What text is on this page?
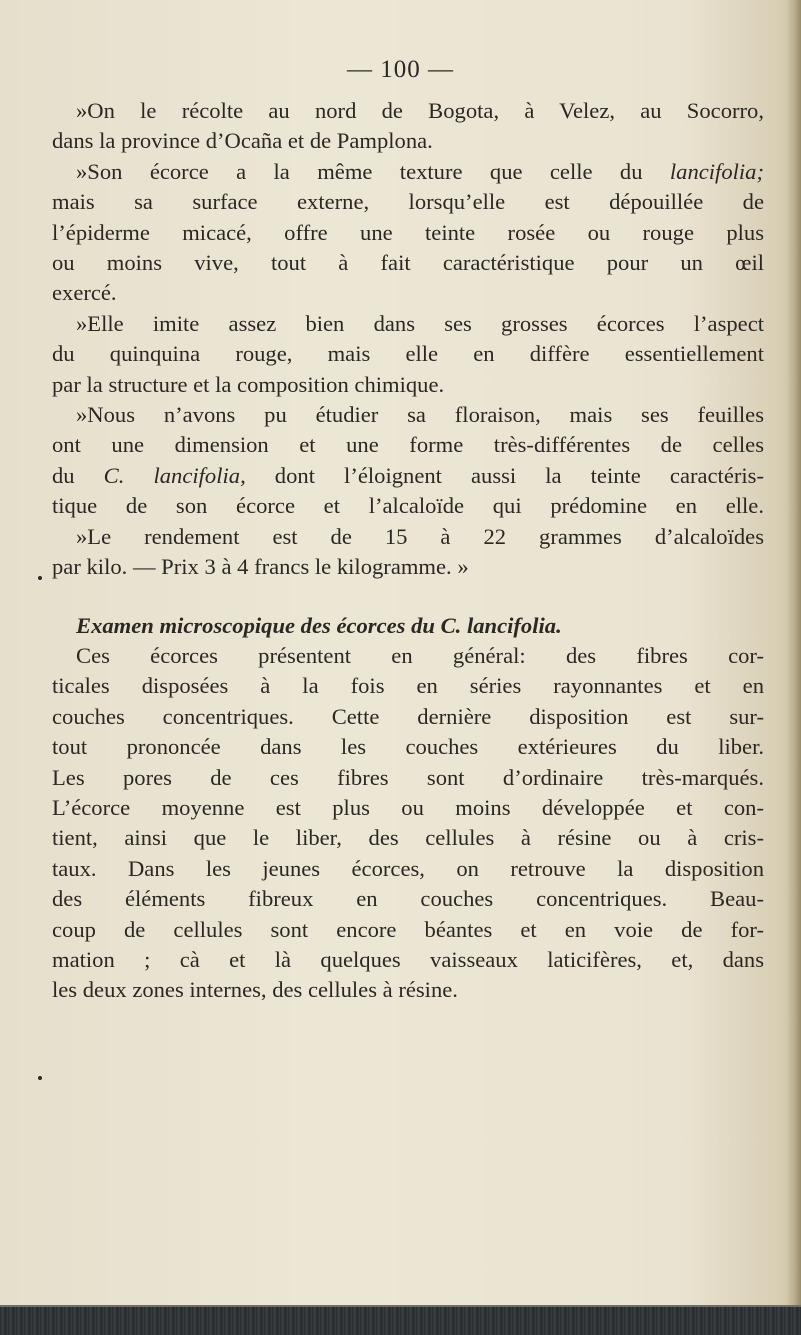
— 100 —
»On le récolte au nord de Bogota, à Velez, au Socorro,
dans la province d’Ocaña et de Pamplona.
»Son écorce a la même texture que celle du lancifolia;
mais sa surface externe, lorsqu’elle est dépouillée de
l’épiderme micacé, offre une teinte rosée ou rouge plus
ou moins vive, tout à fait caractéristique pour un œil
exercé.
»Elle imite assez bien dans ses grosses écorces l’aspect
du quinquina rouge, mais elle en diffère essentiellement
par la structure et la composition chimique.
»Nous n’avons pu étudier sa floraison, mais ses feuilles
ont une dimension et une forme très-différentes de celles
du C. lancifolia, dont l’éloignent aussi la teinte caractéris-
tique de son écorce et l’alcaloïde qui prédomine en elle.
»Le rendement est de 15 à 22 grammes d’alcaloïdes
par kilo. — Prix 3 à 4 francs le kilogramme. »
Examen microscopique des écorces du C. lancifolia.
Ces écorces présentent en général: des fibres cor-
ticales disposées à la fois en séries rayonnantes et en
couches concentriques. Cette dernière disposition est sur-
tout prononcée dans les couches extérieures du liber.
Les pores de ces fibres sont d’ordinaire très-marqués.
L’écorce moyenne est plus ou moins développée et con-
tient, ainsi que le liber, des cellules à résine ou à cris-
taux. Dans les jeunes écorces, on retrouve la disposition
des éléments fibreux en couches concentriques. Beau-
coup de cellules sont encore béantes et en voie de for-
mation ; cà et là quelques vaisseaux laticifères, et, dans
les deux zones internes, des cellules à résine.
